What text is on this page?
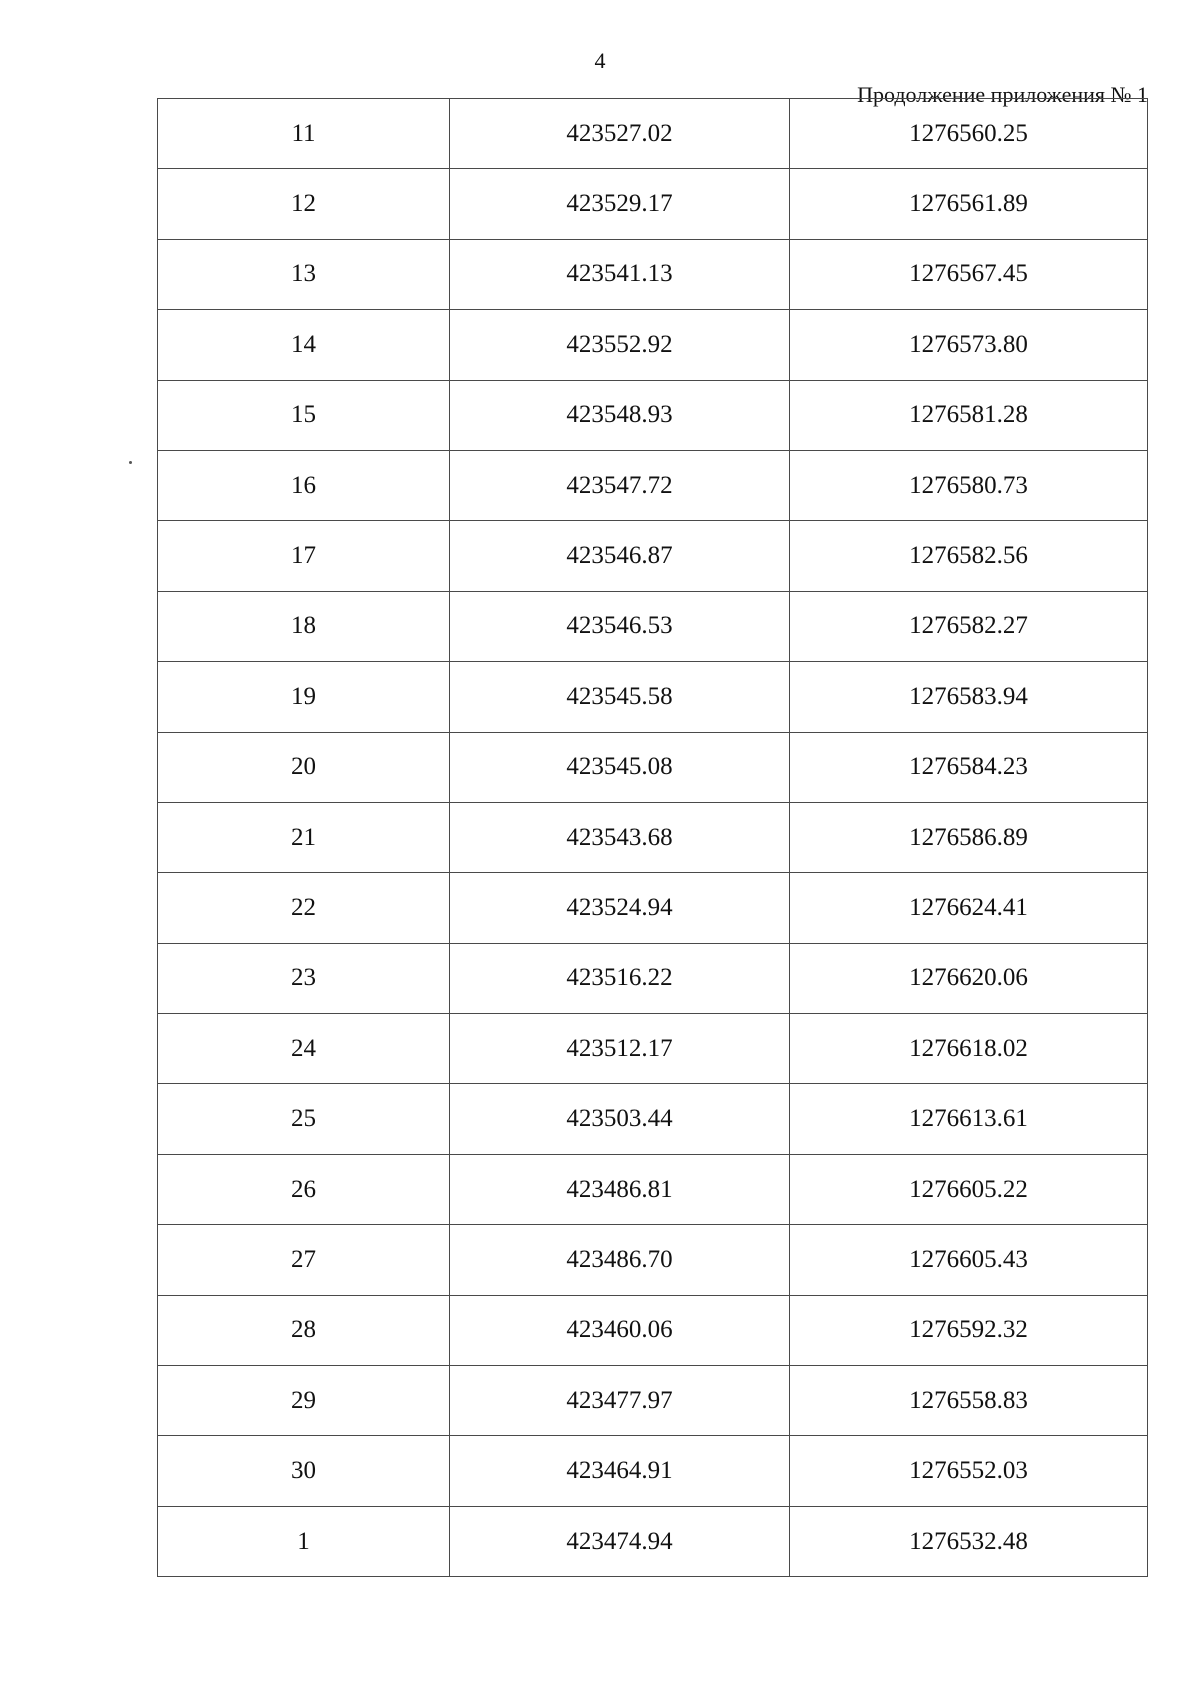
4
Продолжение приложения № 1
11	423527.02	1276560.25
12	423529.17	1276561.89
13	423541.13	1276567.45
14	423552.92	1276573.80
15	423548.93	1276581.28
16	423547.72	1276580.73
17	423546.87	1276582.56
18	423546.53	1276582.27
19	423545.58	1276583.94
20	423545.08	1276584.23
21	423543.68	1276586.89
22	423524.94	1276624.41
23	423516.22	1276620.06
24	423512.17	1276618.02
25	423503.44	1276613.61
26	423486.81	1276605.22
27	423486.70	1276605.43
28	423460.06	1276592.32
29	423477.97	1276558.83
30	423464.91	1276552.03
1	423474.94	1276532.48
